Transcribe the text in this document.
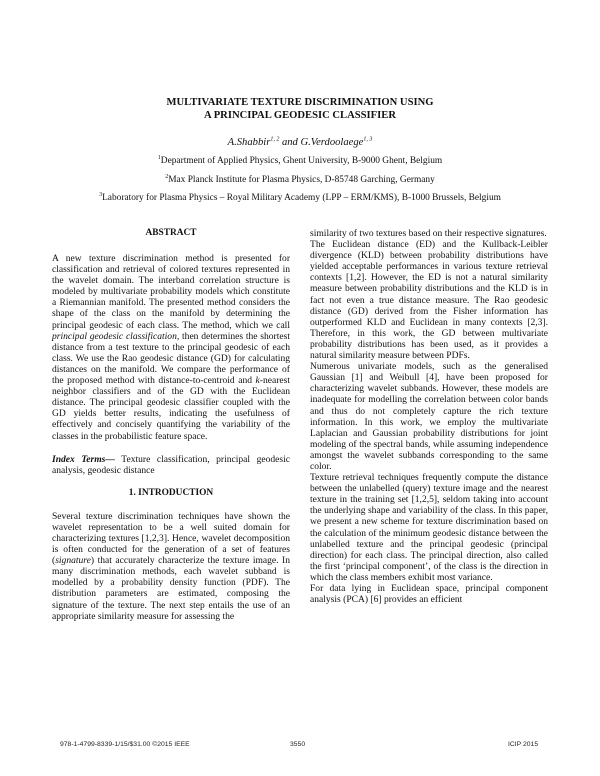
MULTIVARIATE TEXTURE DISCRIMINATION USING
A PRINCIPAL GEODESIC CLASSIFIER
A.Shabbir$^{1, 2}$ and G.Verdoolaege$^{1, 3}$
$^1$Department of Applied Physics, Ghent University, B-9000 Ghent, Belgium
$^2$Max Planck Institute for Plasma Physics, D-85748 Garching, Germany
$^3$Laboratory for Plasma Physics – Royal Military Academy (LPP – ERM/KMS), B-1000 Brussels, Belgium
ABSTRACT

A new texture discrimination method is presented for classification and retrieval of colored textures represented in the wavelet domain. The interband correlation structure is modeled by multivariate probability models which constitute a Riemannian manifold. The presented method considers the shape of the class on the manifold by determining the principal geodesic of each class. The method, which we call principal geodesic classification, then determines the shortest distance from a test texture to the principal geodesic of each class. We use the Rao geodesic distance (GD) for calculating distances on the manifold. We compare the performance of the proposed method with distance-to-centroid and k-nearest neighbor classifiers and of the GD with the Euclidean distance. The principal geodesic classifier coupled with the GD yields better results, indicating the usefulness of effectively and concisely quantifying the variability of the classes in the probabilistic feature space.

Index Terms— Texture classification, principal geodesic analysis, geodesic distance

1. INTRODUCTION

Several texture discrimination techniques have shown the wavelet representation to be a well suited domain for characterizing textures [1,2,3]. Hence, wavelet decomposition is often conducted for the generation of a set of features (signature) that accurately characterize the texture image. In many discrimination methods, each wavelet subband is modelled by a probability density function (PDF). The distribution parameters are estimated, composing the signature of the texture. The next step entails the use of an appropriate similarity measure for assessing the

similarity of two textures based on their respective signatures.

The Euclidean distance (ED) and the Kullback-Leibler divergence (KLD) between probability distributions have yielded acceptable performances in various texture retrieval contexts [1,2]. However, the ED is not a natural similarity measure between probability distributions and the KLD is in fact not even a true distance measure. The Rao geodesic distance (GD) derived from the Fisher information has outperformed KLD and Euclidean in many contexts [2,3]. Therefore, in this work, the GD between multivariate probability distributions has been used, as it provides a natural similarity measure between PDFs.

Numerous univariate models, such as the generalised Gaussian [1] and Weibull [4], have been proposed for characterizing wavelet subbands. However, these models are inadequate for modelling the correlation between color bands and thus do not completely capture the rich texture information. In this work, we employ the multivariate Laplacian and Gaussian probability distributions for joint modeling of the spectral bands, while assuming independence amongst the wavelet subbands corresponding to the same color.

Texture retrieval techniques frequently compute the distance between the unlabelled (query) texture image and the nearest texture in the training set [1,2,5], seldom taking into account the underlying shape and variability of the class. In this paper, we present a new scheme for texture discrimination based on the calculation of the minimum geodesic distance between the unlabelled texture and the principal geodesic (principal direction) for each class. The principal direction, also called the first ‘principal component’, of the class is the direction in which the class members exhibit most variance.

For data lying in Euclidean space, principal component analysis (PCA) [6] provides an efficient

978-1-4799-8339-1/15/$31.00 ©2015 IEEE	3550	ICIP 2015
